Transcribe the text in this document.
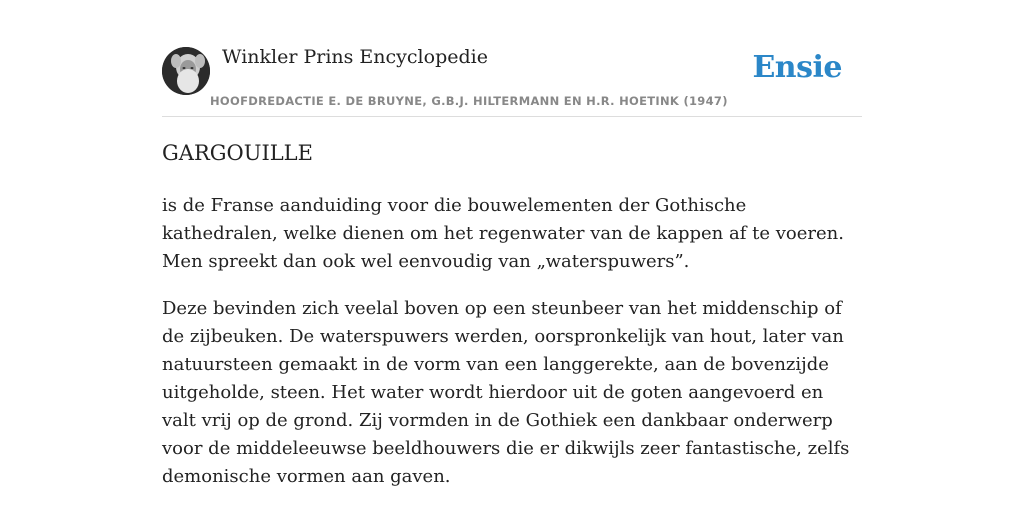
Winkler Prins Encyclopedie
HOOFDREDACTIE E. DE BRUYNE, G.B.J. HILTERMANN EN H.R. HOETINK (1947)
Ensie
GARGOUILLE

is de Franse aanduiding voor die bouwelementen der Gothische kathedralen, welke dienen om het regenwater van de kappen af te voeren. Men spreekt dan ook wel eenvoudig van „waterspuwers”.

Deze bevinden zich veelal boven op een steunbeer van het middenschip of de zijbeuken. De waterspuwers werden, oorspronkelijk van hout, later van natuursteen gemaakt in de vorm van een langgerekte, aan de bovenzijde uitgeholde, steen. Het water wordt hierdoor uit de goten aangevoerd en valt vrij op de grond. Zij vormden in de Gothiek een dankbaar onderwerp voor de middeleeuwse beeldhouwers die er dikwijls zeer fantastische, zelfs demonische vormen aan gaven.
